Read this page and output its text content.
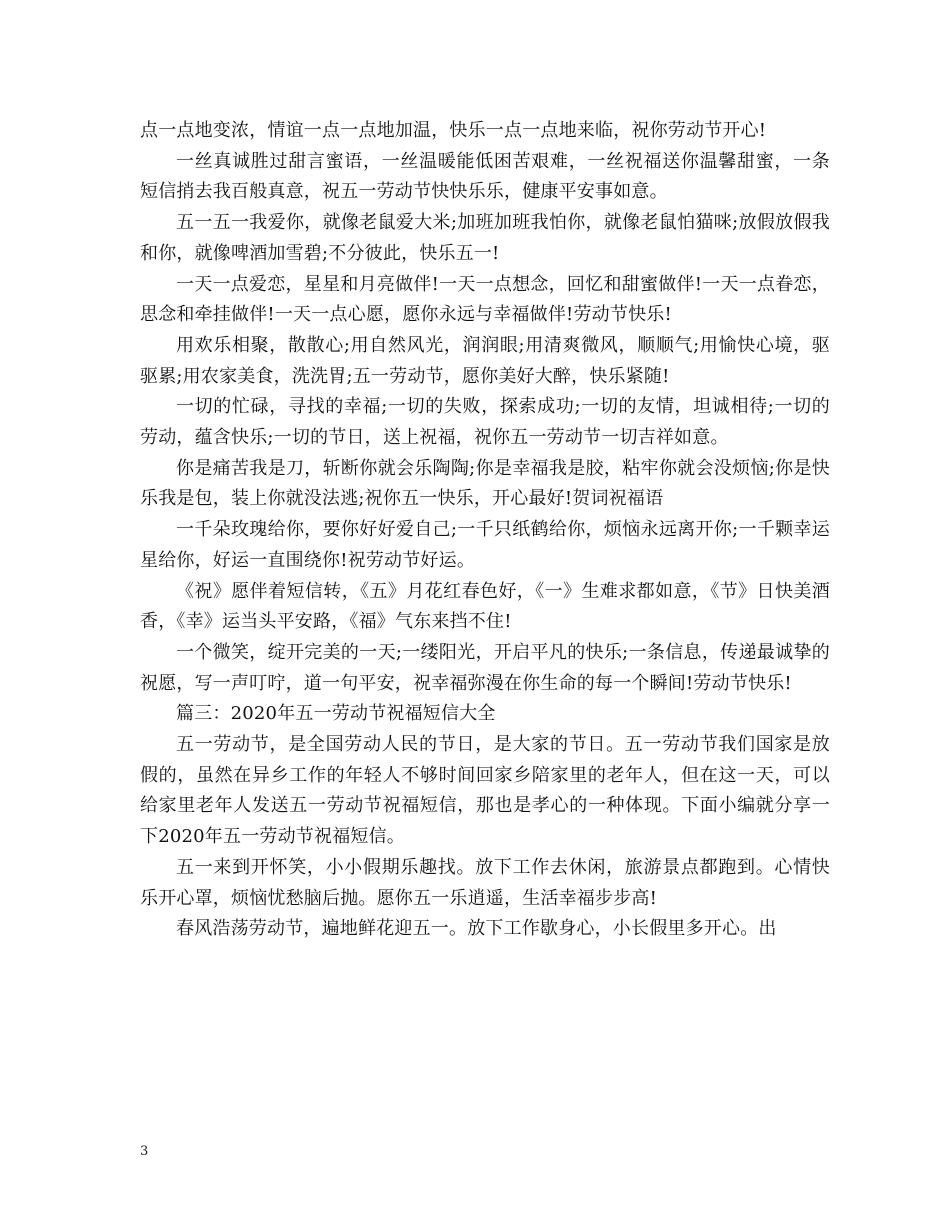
点一点地变浓，情谊一点一点地加温，快乐一点一点地来临，祝你劳动节开心!

一丝真诚胜过甜言蜜语，一丝温暖能低困苦艰难，一丝祝福送你温馨甜蜜，一条短信捎去我百般真意，祝五一劳动节快快乐乐，健康平安事如意。

五一五一我爱你，就像老鼠爱大米;加班加班我怕你，就像老鼠怕猫咪;放假放假我和你，就像啤酒加雪碧;不分彼此，快乐五一!

一天一点爱恋，星星和月亮做伴!一天一点想念，回忆和甜蜜做伴!一天一点眷恋，思念和牵挂做伴!一天一点心愿，愿你永远与幸福做伴!劳动节快乐!

用欢乐相聚，散散心;用自然风光，润润眼;用清爽微风，顺顺气;用愉快心境，驱驱累;用农家美食，洗洗胃;五一劳动节，愿你美好大醉，快乐紧随!

一切的忙碌，寻找的幸福;一切的失败，探索成功;一切的友情，坦诚相待;一切的劳动，蕴含快乐;一切的节日，送上祝福，祝你五一劳动节一切吉祥如意。

你是痛苦我是刀，斩断你就会乐陶陶;你是幸福我是胶，粘牢你就会没烦恼;你是快乐我是包，装上你就没法逃;祝你五一快乐，开心最好!贺词祝福语

一千朵玫瑰给你，要你好好爱自己;一千只纸鹤给你，烦恼永远离开你;一千颗幸运星给你，好运一直围绕你!祝劳动节好运。

《祝》愿伴着短信转，《五》月花红春色好，《一》生难求都如意，《节》日快美酒香，《幸》运当头平安路，《福》气东来挡不住!

一个微笑，绽开完美的一天;一缕阳光，开启平凡的快乐;一条信息，传递最诚挚的祝愿，写一声叮咛，道一句平安，祝幸福弥漫在你生命的每一个瞬间!劳动节快乐!

篇三：2020年五一劳动节祝福短信大全

五一劳动节，是全国劳动人民的节日，是大家的节日。五一劳动节我们国家是放假的，虽然在异乡工作的年轻人不够时间回家乡陪家里的老年人，但在这一天，可以给家里老年人发送五一劳动节祝福短信，那也是孝心的一种体现。下面小编就分享一下2020年五一劳动节祝福短信。

五一来到开怀笑，小小假期乐趣找。放下工作去休闲，旅游景点都跑到。心情快乐开心罩，烦恼忧愁脑后抛。愿你五一乐逍遥，生活幸福步步高!

春风浩荡劳动节，遍地鲜花迎五一。放下工作歇身心，小长假里多开心。出

3
